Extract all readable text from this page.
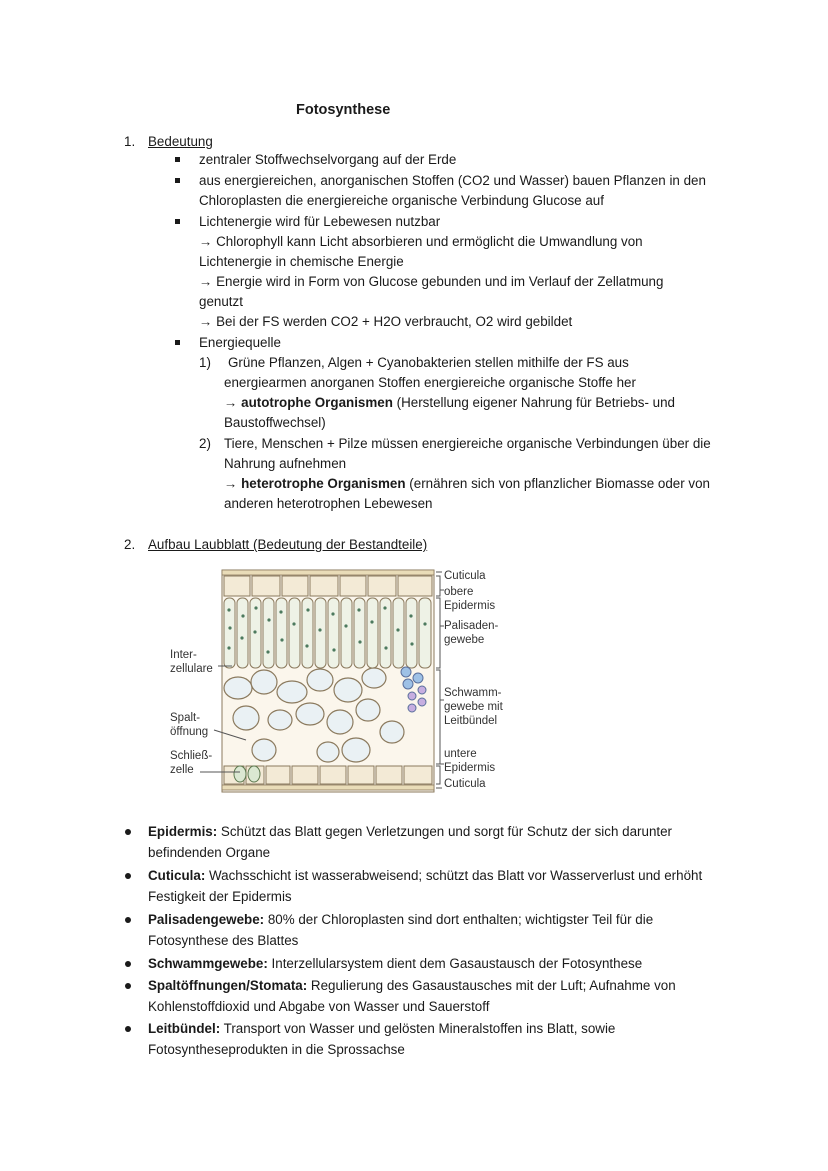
Fotosynthese
1. Bedeutung
zentraler Stoffwechselvorgang auf der Erde
aus energiereichen, anorganischen Stoffen (CO2 und Wasser) bauen Pflanzen in den
Chloroplasten die energiereiche organische Verbindung Glucose auf
Lichtenergie wird für Lebewesen nutzbar
→ Chlorophyll kann Licht absorbieren und ermöglicht die Umwandlung von
Lichtenergie in chemische Energie
→ Energie wird in Form von Glucose gebunden und im Verlauf der Zellatmung
genutzt
→ Bei der FS werden CO2 + H2O verbraucht, O2 wird gebildet
Energiequelle
1) Grüne Pflanzen, Algen + Cyanobakterien stellen mithilfe der FS aus
energiearmen anorganen Stoffen energiereiche organische Stoffe her
→ autotrophe Organismen (Herstellung eigener Nahrung für Betriebs- und
Baustoffwechsel)
2) Tiere, Menschen + Pilze müssen energiereiche organische Verbindungen über die
Nahrung aufnehmen
→ heterotrophe Organismen (ernähren sich von pflanzlicher Biomasse oder von
anderen heterotrophen Lebewesen
2. Aufbau Laubblatt (Bedeutung der Bestandteile)
Cuticula
obere
Epidermis
Palisaden-
gewebe
Schwamm-
gewebe mit
Leitbündel
untere
Epidermis
Cuticula
Inter-
zellulare
Spalt-
öffnung
Schließ-
zelle
Epidermis: Schützt das Blatt gegen Verletzungen und sorgt für Schutz der sich darunter
befindenden Organe
Cuticula: Wachsschicht ist wasserabweisend; schützt das Blatt vor Wasserverlust und erhöht
Festigkeit der Epidermis
Palisadengewebe: 80% der Chloroplasten sind dort enthalten; wichtigster Teil für die
Fotosynthese des Blattes
Schwammgewebe: Interzellularsystem dient dem Gasaustausch der Fotosynthese
Spaltöffnungen/Stomata: Regulierung des Gasaustausches mit der Luft; Aufnahme von
Kohlenstoffdioxid und Abgabe von Wasser und Sauerstoff
Leitbündel: Transport von Wasser und gelösten Mineralstoffen ins Blatt, sowie
Fotosyntheseprodukten in die Sprossachse
